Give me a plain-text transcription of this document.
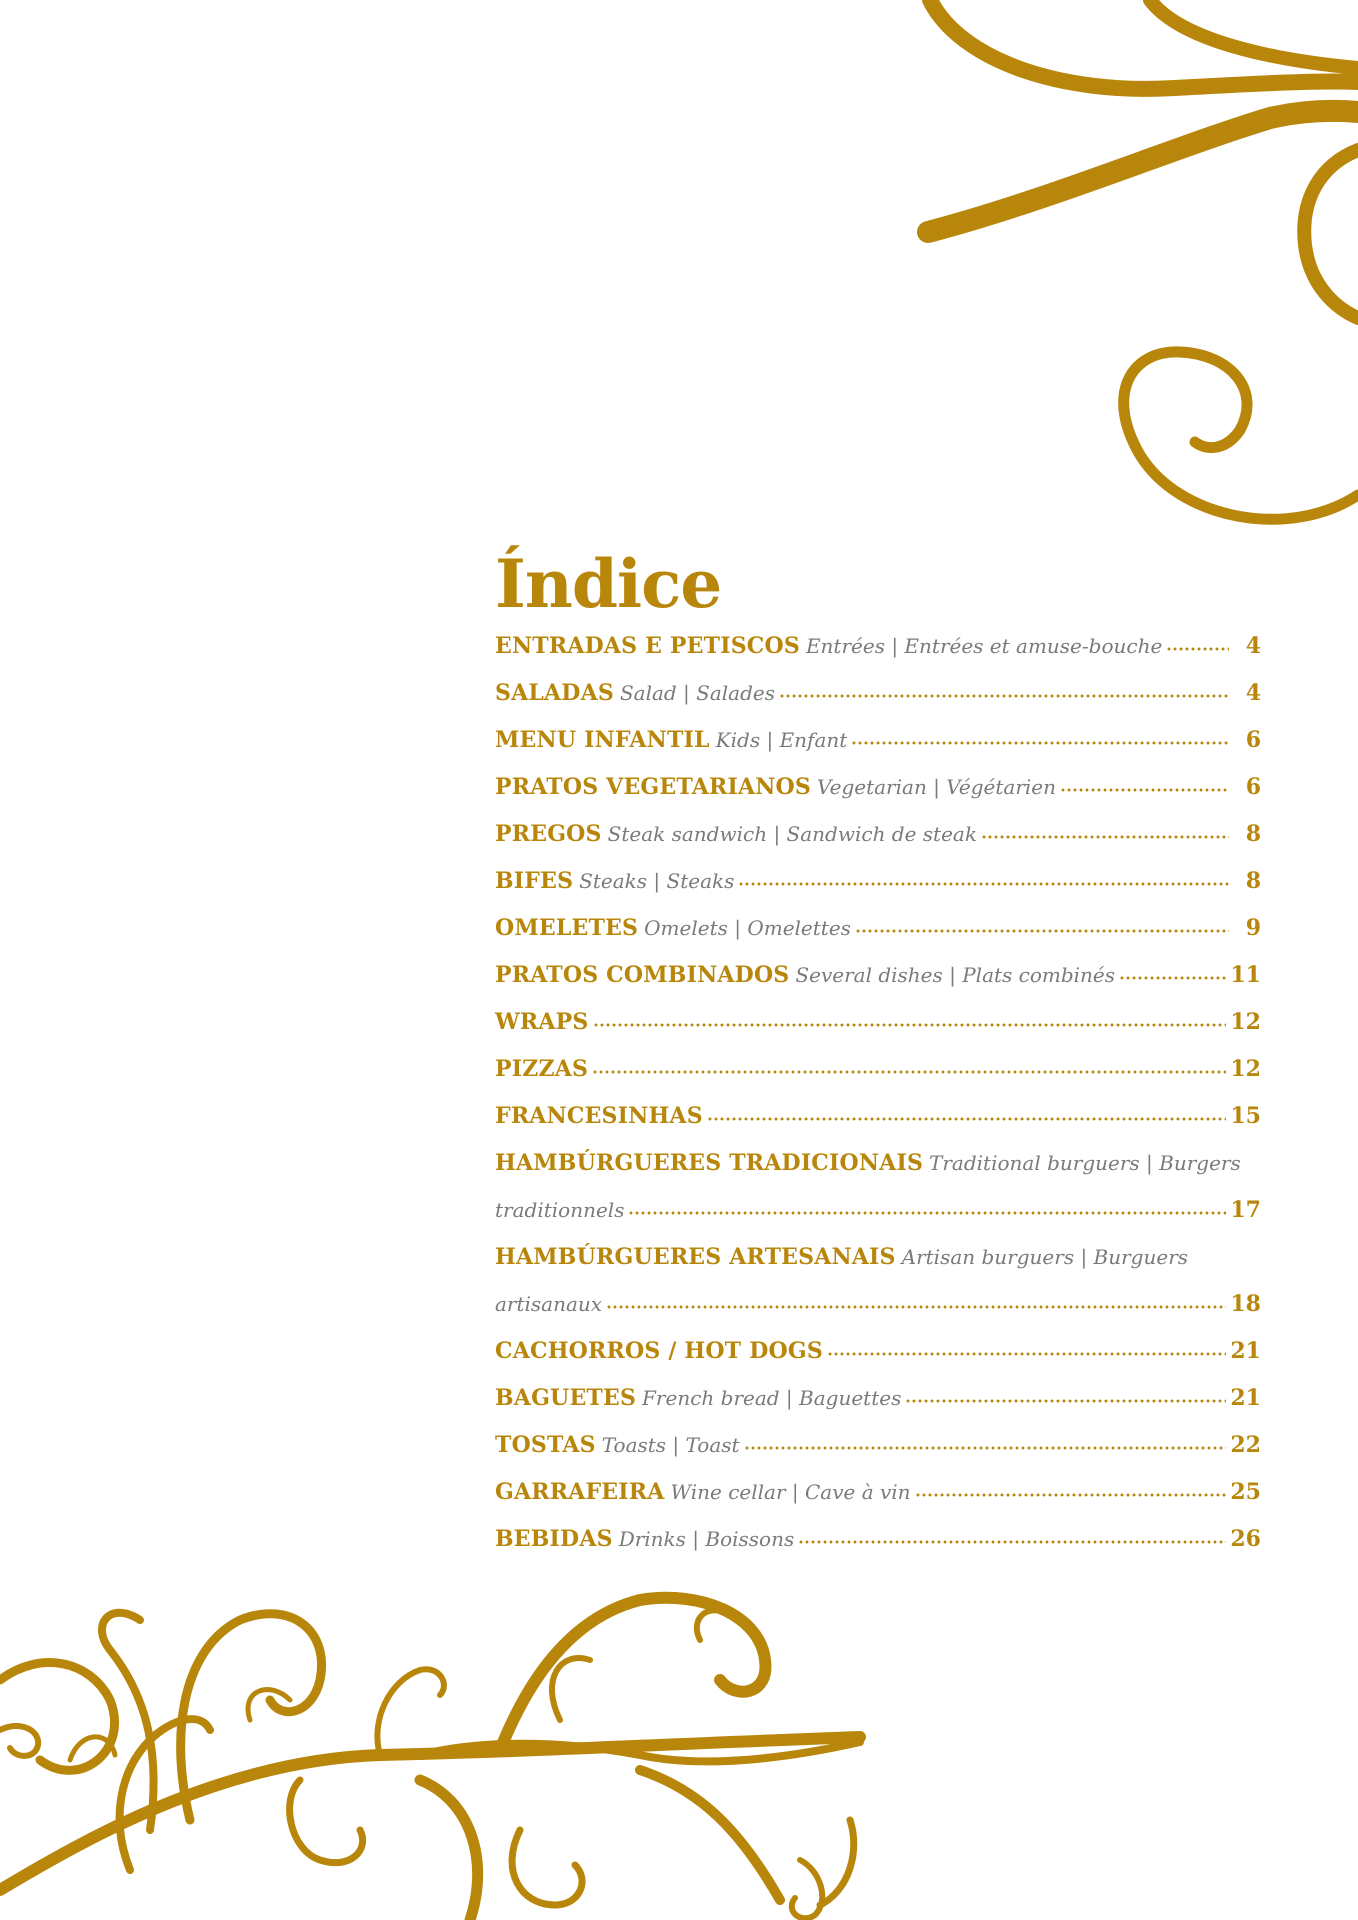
Índice
ENTRADAS E PETISCOS Entrées | Entrées et amuse-bouche	4
SALADAS Salad | Salades	4
MENU INFANTIL Kids | Enfant	6
PRATOS VEGETARIANOS Vegetarian | Végétarien	6
PREGOS Steak sandwich | Sandwich de steak	8
BIFES Steaks | Steaks	8
OMELETES Omelets | Omelettes	9
PRATOS COMBINADOS Several dishes | Plats combinés	11
WRAPS	12
PIZZAS	12
FRANCESINHAS	15
HAMBÚRGUERES TRADICIONAIS Traditional burguers | Burgers
traditionnels	17
HAMBÚRGUERES ARTESANAIS Artisan burguers | Burguers
artisanaux	18
CACHORROS / HOT DOGS	21
BAGUETES French bread | Baguettes	21
TOSTAS Toasts | Toast	22
GARRAFEIRA Wine cellar | Cave à vin	25
BEBIDAS Drinks | Boissons	26
